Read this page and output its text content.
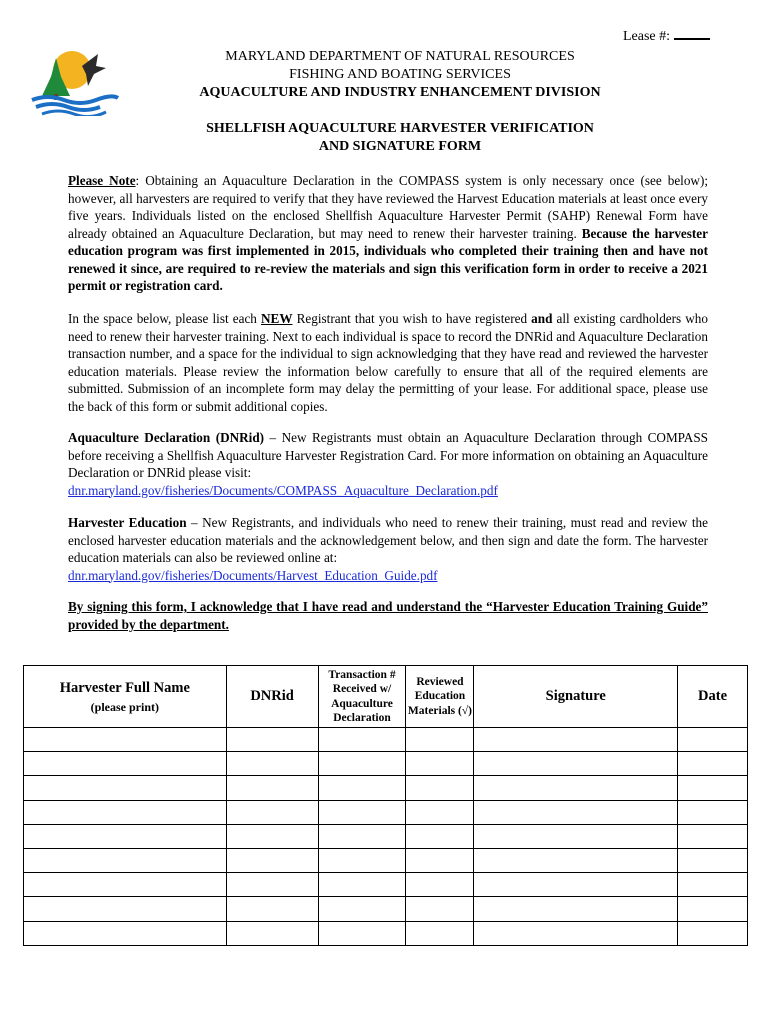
Lease #:
MARYLAND DEPARTMENT OF NATURAL RESOURCES
FISHING AND BOATING SERVICES
AQUACULTURE AND INDUSTRY ENHANCEMENT DIVISION
SHELLFISH AQUACULTURE HARVESTER VERIFICATION
AND SIGNATURE FORM
Please Note: Obtaining an Aquaculture Declaration in the COMPASS system is only necessary once (see below); however, all harvesters are required to verify that they have reviewed the Harvest Education materials at least once every five years. Individuals listed on the enclosed Shellfish Aquaculture Harvester Permit (SAHP) Renewal Form have already obtained an Aquaculture Declaration, but may need to renew their harvester training. Because the harvester education program was first implemented in 2015, individuals who completed their training then and have not renewed it since, are required to re-review the materials and sign this verification form in order to receive a 2021 permit or registration card.
In the space below, please list each NEW Registrant that you wish to have registered and all existing cardholders who need to renew their harvester training. Next to each individual is space to record the DNRid and Aquaculture Declaration transaction number, and a space for the individual to sign acknowledging that they have read and reviewed the harvester education materials. Please review the information below carefully to ensure that all of the required elements are submitted. Submission of an incomplete form may delay the permitting of your lease. For additional space, please use the back of this form or submit additional copies.
Aquaculture Declaration (DNRid) – New Registrants must obtain an Aquaculture Declaration through COMPASS before receiving a Shellfish Aquaculture Harvester Registration Card. For more information on obtaining an Aquaculture Declaration or DNRid please visit:
dnr.maryland.gov/fisheries/Documents/COMPASS_Aquaculture_Declaration.pdf
Harvester Education – New Registrants, and individuals who need to renew their training, must read and review the enclosed harvester education materials and the acknowledgement below, and then sign and date the form. The harvester education materials can also be reviewed online at:
dnr.maryland.gov/fisheries/Documents/Harvest_Education_Guide.pdf
By signing this form, I acknowledge that I have read and understand the “Harvester Education Training Guide” provided by the department.
Harvester Full Name
(please print)	DNRid	Transaction # Received w/ Aquaculture Declaration	Reviewed Education Materials (√)	Signature	Date
